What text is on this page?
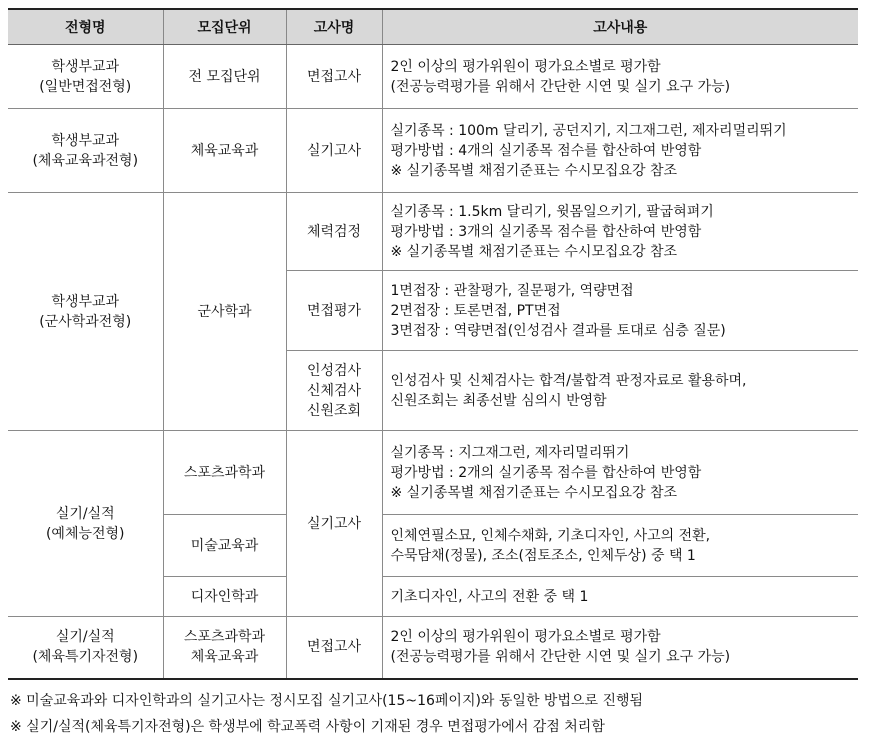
전형명	모집단위	고사명	고사내용
학생부교과
(일반면접전형)	전 모집단위	면접고사	2인 이상의 평가위원이 평가요소별로 평가함
(전공능력평가를 위해서 간단한 시연 및 실기 요구 가능)
학생부교과
(체육교육과전형)	체육교육과	실기고사	실기종목 : 100m 달리기, 공던지기, 지그재그런, 제자리멀리뛰기
평가방법 : 4개의 실기종목 점수를 합산하여 반영함
※ 실기종목별 채점기준표는 수시모집요강 참조
학생부교과
(군사학과전형)	군사학과	체력검정	실기종목 : 1.5km 달리기, 윗몸일으키기, 팔굽혀펴기
평가방법 : 3개의 실기종목 점수를 합산하여 반영함
※ 실기종목별 채점기준표는 수시모집요강 참조
		면접평가	1면접장 : 관찰평가, 질문평가, 역량면접
2면접장 : 토론면접, PT면접
3면접장 : 역량면접(인성검사 결과를 토대로 심층 질문)
		인성검사
신체검사
신원조회	인성검사 및 신체검사는 합격/불합격 판정자료로 활용하며,
신원조회는 최종선발 심의시 반영함
실기/실적
(예체능전형)	스포츠과학과	실기고사	실기종목 : 지그재그런, 제자리멀리뛰기
평가방법 : 2개의 실기종목 점수를 합산하여 반영함
※ 실기종목별 채점기준표는 수시모집요강 참조
	미술교육과		인체연필소묘, 인체수채화, 기초디자인, 사고의 전환,
수묵담채(정물), 조소(점토조소, 인체두상) 중 택 1
	디자인학과		기초디자인, 사고의 전환 중 택 1
실기/실적
(체육특기자전형)	스포츠과학과
체육교육과	면접고사	2인 이상의 평가위원이 평가요소별로 평가함
(전공능력평가를 위해서 간단한 시연 및 실기 요구 가능)
※ 미술교육과와 디자인학과의 실기고사는 정시모집 실기고사(15~16페이지)와 동일한 방법으로 진행됨
※ 실기/실적(체육특기자전형)은 학생부에 학교폭력 사항이 기재된 경우 면접평가에서 감점 처리함
